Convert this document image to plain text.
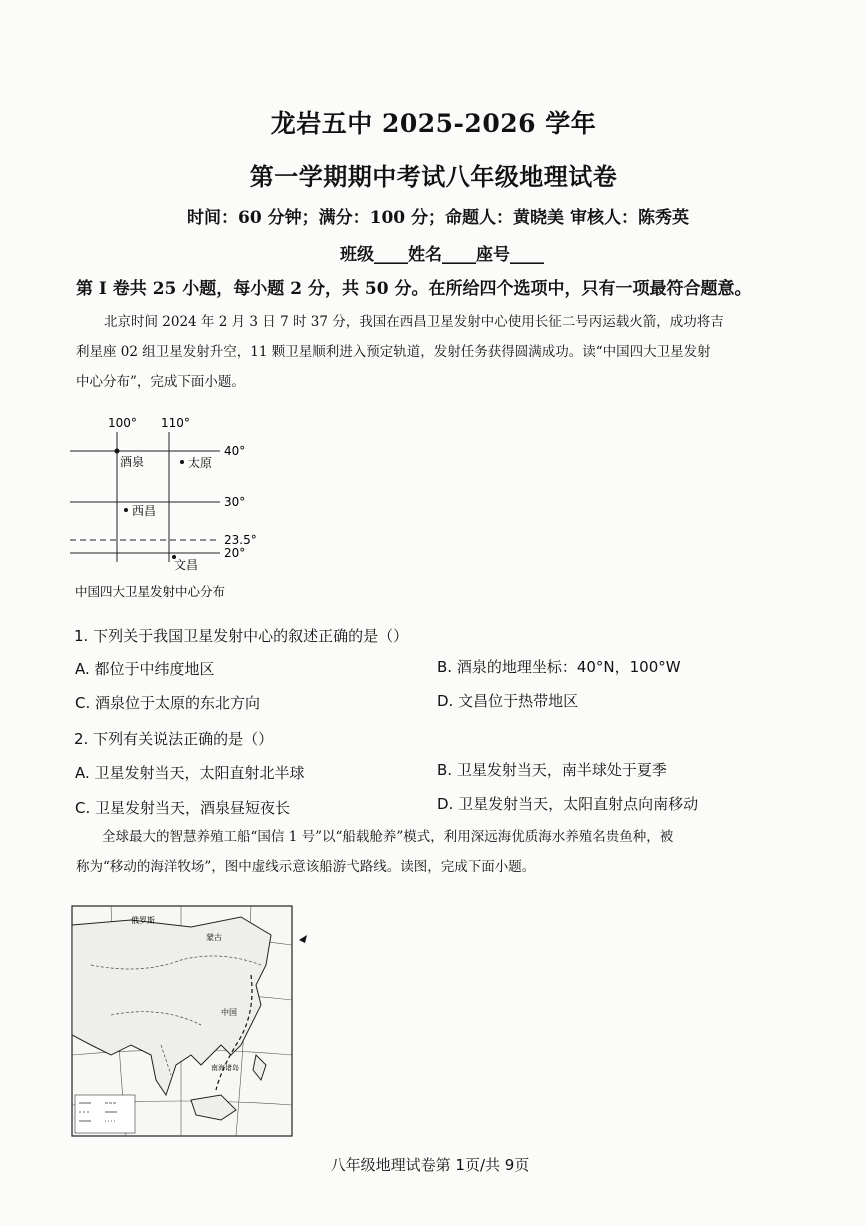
龙岩五中 2025-2026 学年
第一学期期中考试八年级地理试卷
时间：60 分钟；满分：100 分；命题人：黄晓美 审核人：陈秀英
班级____姓名____座号____
第 I 卷共 25 小题，每小题 2 分，共 50 分。在所给四个选项中，只有一项最符合题意。

北京时间 2024 年 2 月 3 日 7 时 37 分，我国在西昌卫星发射中心使用长征二号丙运载火箭，成功将吉

利星座 02 组卫星发射升空，11 颗卫星顺利进入预定轨道，发射任务获得圆满成功。读“中国四大卫星发射

中心分布”，完成下面小题。

100° 110°
40°
30°
23.5°
20°
酒泉	太原
西昌
文昌
中国四大卫星发射中心分布
1. 下列关于我国卫星发射中心的叙述正确的是（）
A. 都位于中纬度地区	B. 酒泉的地理坐标：40°N，100°W
C. 酒泉位于太原的东北方向	D. 文昌位于热带地区
2. 下列有关说法正确的是（）
A. 卫星发射当天，太阳直射北半球	B. 卫星发射当天，南半球处于夏季
C. 卫星发射当天，酒泉昼短夜长	D. 卫星发射当天，太阳直射点向南移动

全球最大的智慧养殖工船“国信 1 号”以“船载舱养”模式，利用深远海优质海水养殖名贵鱼种，被

称为“移动的海洋牧场”，图中虚线示意该船游弋路线。读图，完成下面小题。

俄罗斯
蒙古
中国
南海诸岛
八年级地理试卷第 1页/共 9页
